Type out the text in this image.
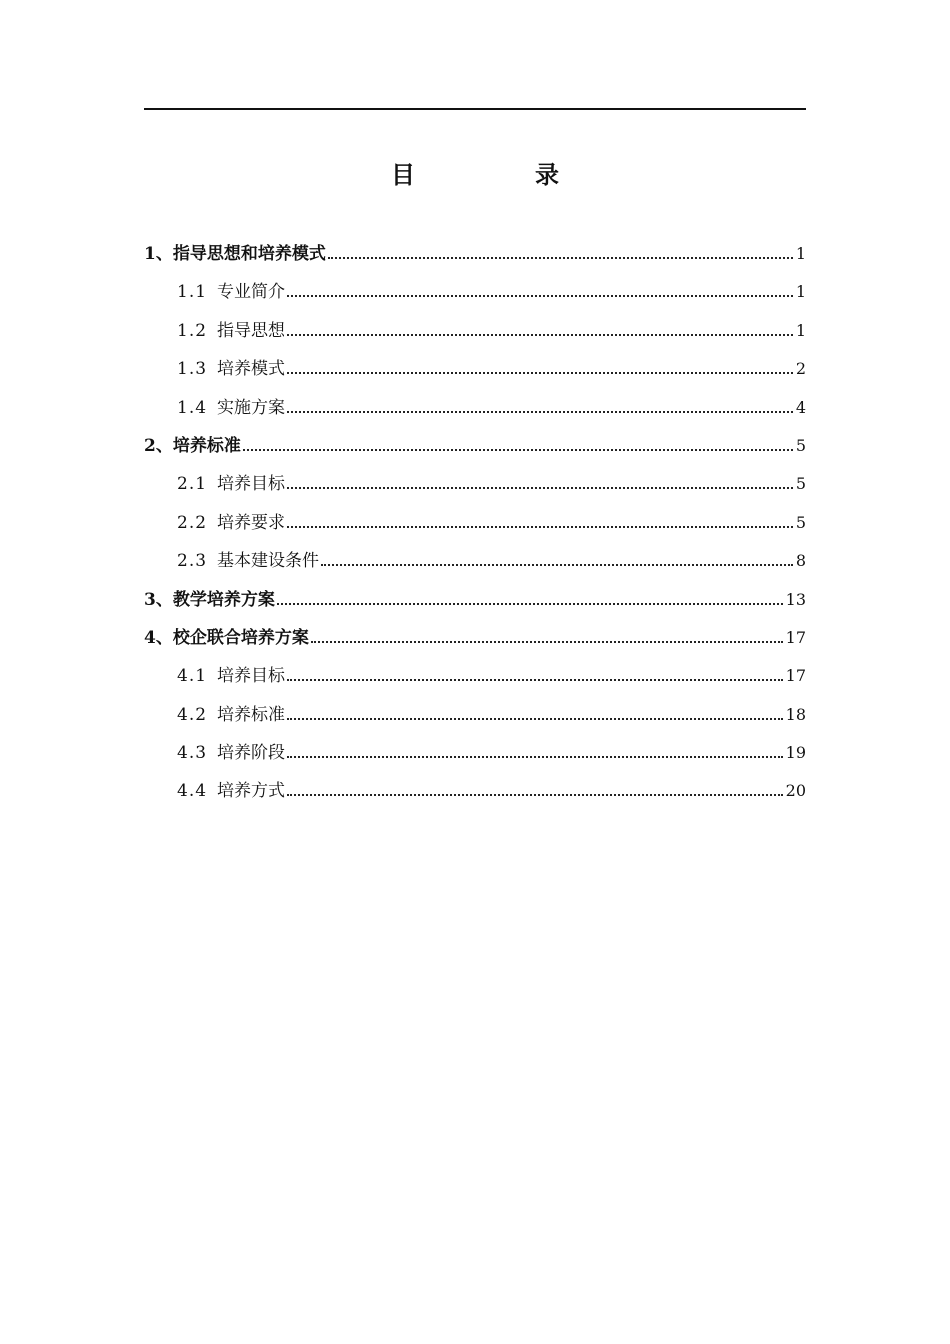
目　录
1、 指导思想和培养模式	1
1.1 专业简介	1
1.2 指导思想	1
1.3 培养模式	2
1.4 实施方案	4
2、 培养标准	5
2.1 培养目标	5
2.2 培养要求	5
2.3 基本建设条件	8
3、 教学培养方案	13
4、 校企联合培养方案	17
4.1 培养目标	17
4.2 培养标准	18
4.3 培养阶段	19
4.4 培养方式	20
